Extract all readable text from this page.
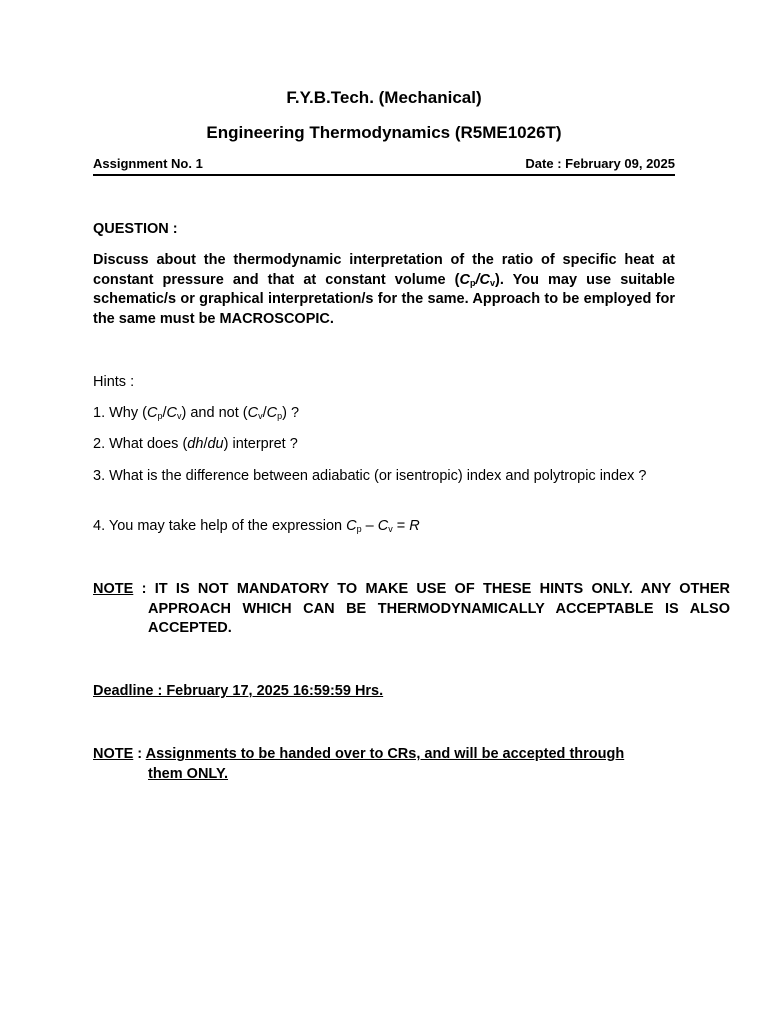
F.Y.B.Tech. (Mechanical)
Engineering Thermodynamics (R5ME1026T)
Assignment No. 1	Date : February 09, 2025
QUESTION :
Discuss about the thermodynamic interpretation of the ratio of specific heat at constant pressure and that at constant volume $(C_p/C_v)$. You may use suitable schematic/s or graphical interpretation/s for the same. Approach to be employed for the same must be MACROSCOPIC.
Hints :
1. Why $(C_p/C_v)$ and not $(C_v/C_p)$ ?
2. What does (dh/du) interpret ?
3. What is the difference between adiabatic (or isentropic) index and polytropic index ?
4. You may take help of the expression $C_p - C_v = R$
NOTE : IT IS NOT MANDATORY TO MAKE USE OF THESE HINTS ONLY. ANY OTHER APPROACH WHICH CAN BE THERMODYNAMICALLY ACCEPTABLE IS ALSO ACCEPTED.
Deadline : February 17, 2025 16:59:59 Hrs.
NOTE : Assignments to be handed over to CRs, and will be accepted through
them ONLY.
